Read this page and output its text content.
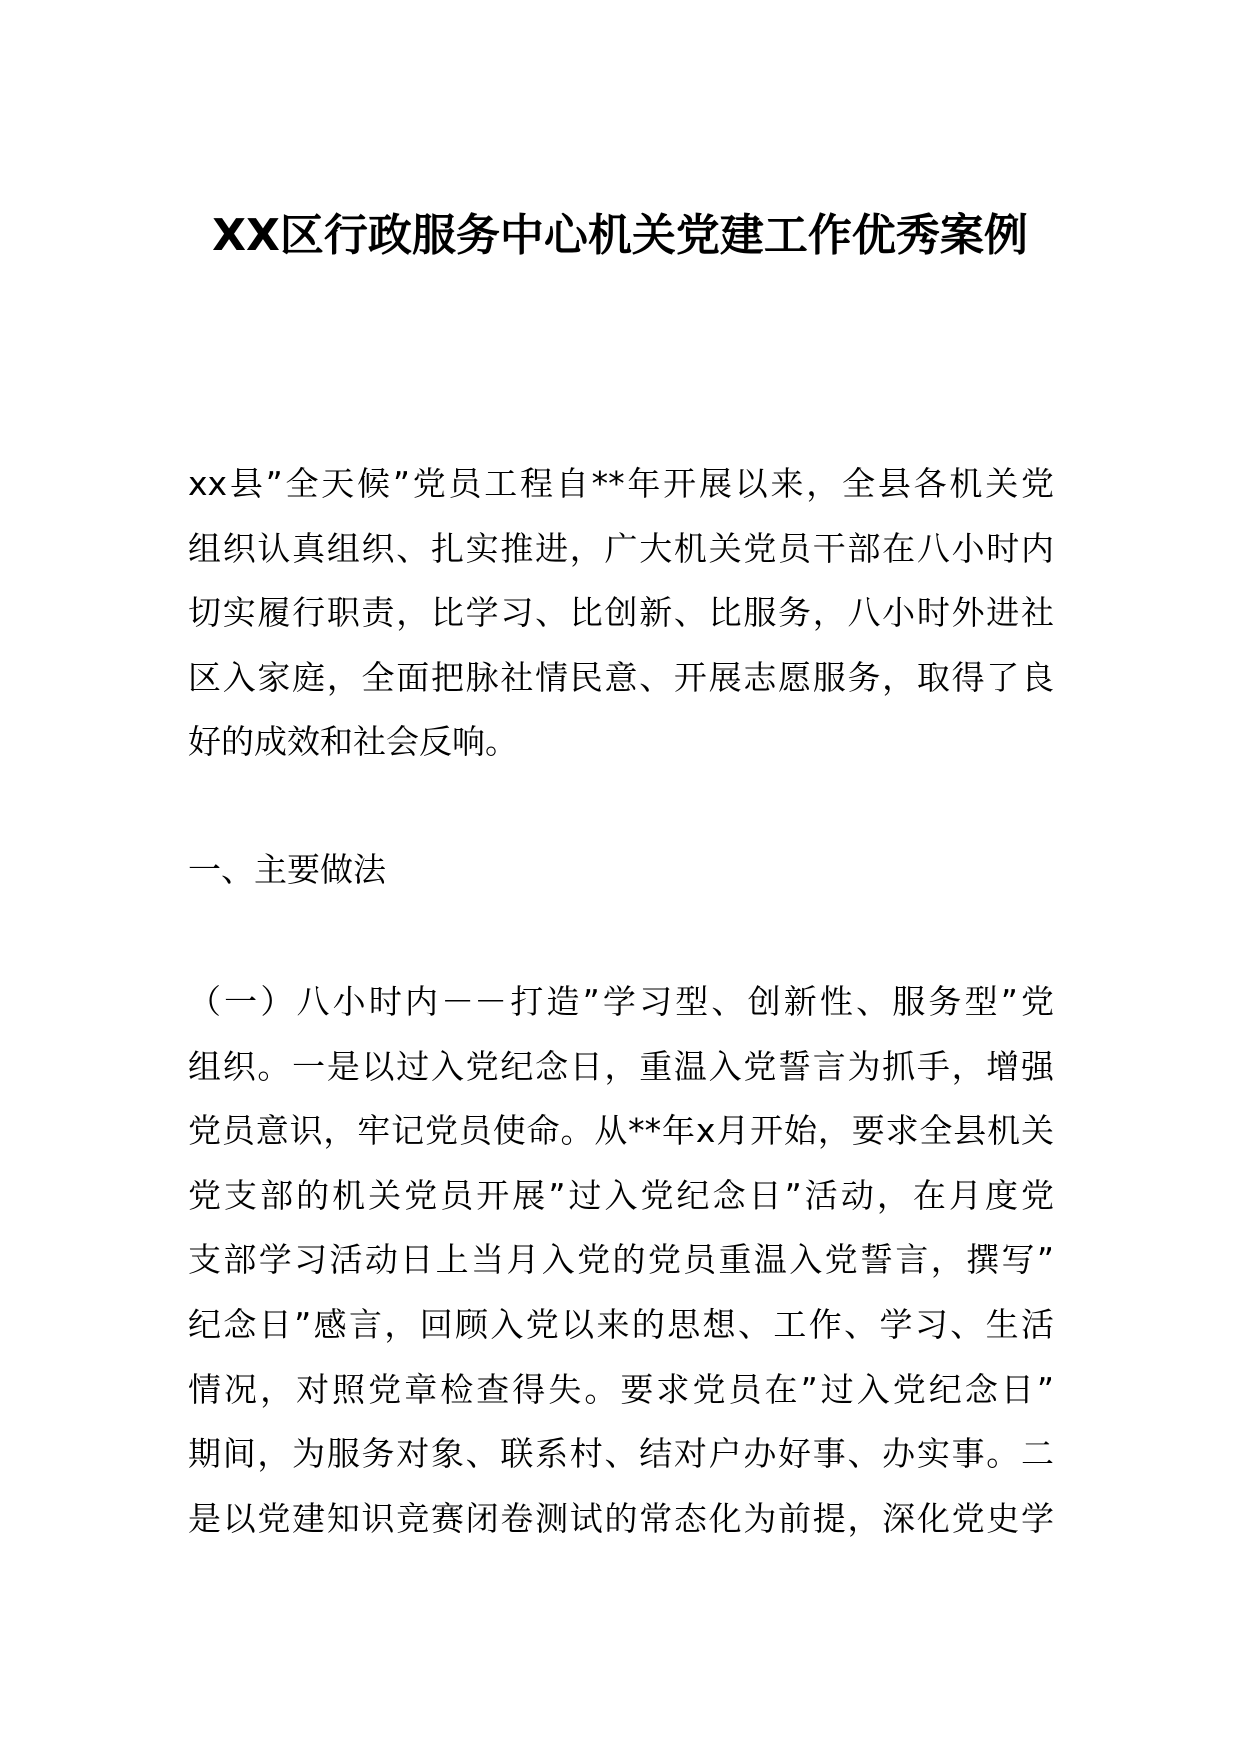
XX区行政服务中心机关党建工作优秀案例
xx县”全天候”党员工程自**年开展以来，全县各机关党
组织认真组织、扎实推进，广大机关党员干部在八小时内
切实履行职责，比学习、比创新、比服务，八小时外进社
区入家庭，全面把脉社情民意、开展志愿服务，取得了良
好的成效和社会反响。
一、主要做法
（一）八小时内－－打造”学习型、创新性、服务型”党
组织。一是以过入党纪念日，重温入党誓言为抓手，增强
党员意识，牢记党员使命。从**年x月开始，要求全县机关
党支部的机关党员开展”过入党纪念日”活动，在月度党
支部学习活动日上当月入党的党员重温入党誓言，撰写”
纪念日”感言，回顾入党以来的思想、工作、学习、生活
情况，对照党章检查得失。要求党员在”过入党纪念日”
期间，为服务对象、联系村、结对户办好事、办实事。二
是以党建知识竞赛闭卷测试的常态化为前提，深化党史学
